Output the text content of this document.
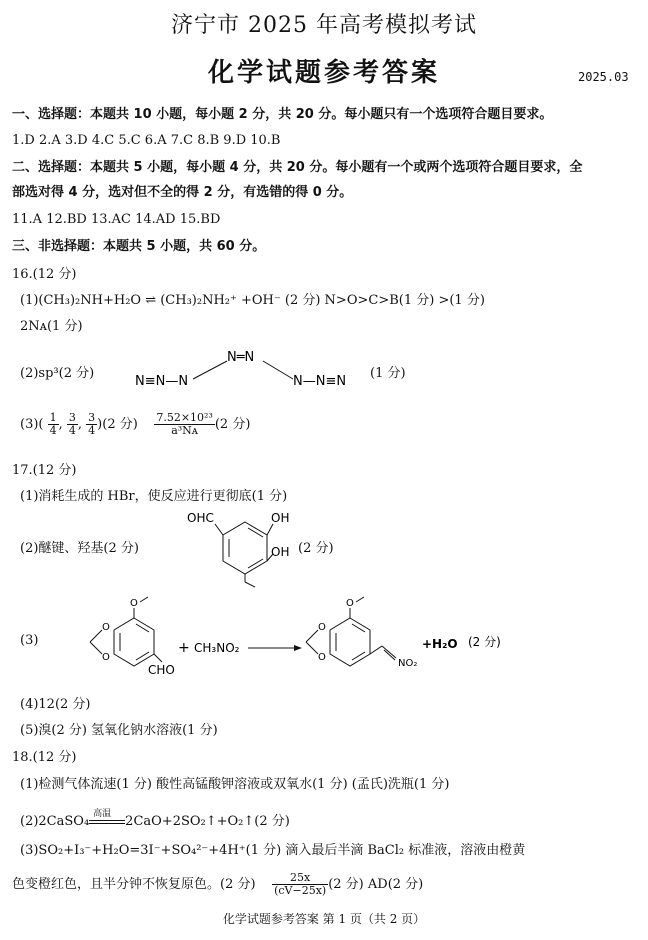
济宁市 2025 年高考模拟考试
化学试题参考答案	2025.03
一、选择题：本题共 10 小题，每小题 2 分，共 20 分。每小题只有一个选项符合题目要求。
1.D 2.A 3.D 4.C 5.C 6.A 7.C 8.B 9.D 10.B
二、选择题：本题共 5 小题，每小题 4 分，共 20 分。每小题有一个或两个选项符合题目要求，全
部选对得 4 分，选对但不全的得 2 分，有选错的得 0 分。
11.A 12.BD 13.AC 14.AD 15.BD
三、非选择题：本题共 5 小题，共 60 分。
16.(12 分)
(1)(CH₃)₂NH+H₂O ⇌ (CH₃)₂NH₂⁺ +OH⁻ (2 分) N>O>C>B(1 分) >(1 分)
2Nᴀ(1 分)
(2)sp³(2 分)
N≡N—N
N═N
N—N≡N
(1 分)
$(3)( \frac{1}{4}$ , $\frac{3}{4}$ , $\frac{3}{4} )(2$ 分) $\frac{\text{7.52×10²³}}{\text{a³Nᴀ}} (2$ 分)
17.(12 分)
(1)消耗生成的 HBr，使反应进行更彻底(1 分)
(2)醚键、羟基(2 分)
OHC	OH
OH (2 分)
(3)
O
O
O
CHO
+ CH₃NO₂
O
O
O
NO₂
+H₂O (2 分)
(4)12(2 分)
(5)溴(2 分) 氢氧化钠水溶液(1 分)
18.(12 分)
(1)检测气体流速(1 分) 酸性高锰酸钾溶液或双氧水(1 分) (孟氏)洗瓶(1 分)
(2)2CaSO₄
高温
2CaO+2SO₂↑+O₂↑(2 分)
(3)SO₂+I₃⁻+H₂O=3I⁻+SO₄²⁻+4H⁺(1 分) 滴入最后半滴 BaCl₂ 标准液，溶液由橙黄
色变橙红色，且半分钟不恢复原色。(2 分) $\frac{25x}{(cV-25x)} (2$ 分) AD(2 分)
化学试题参考答案 第 1 页（共 2 页）
